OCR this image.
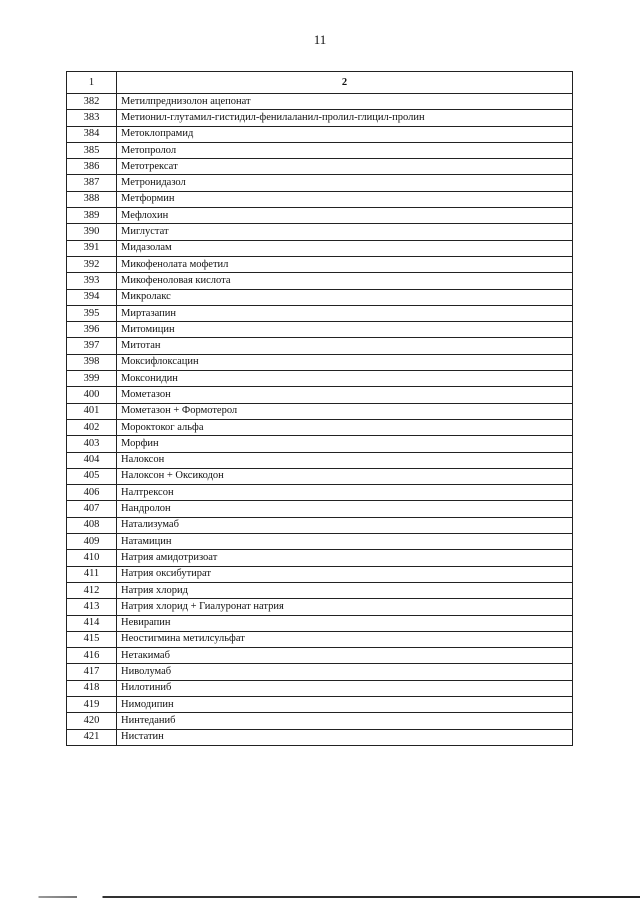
11
1	2
382	Метилпреднизолон ацепонат
383	Метионил-глутамил-гистидил-фенилаланил-пролил-глицил-пролин
384	Метоклопрамид
385	Метопролол
386	Метотрексат
387	Метронидазол
388	Метформин
389	Мефлохин
390	Миглустат
391	Мидазолам
392	Микофенолата мофетил
393	Микофеноловая кислота
394	Микролакс
395	Миртазапин
396	Митомицин
397	Митотан
398	Моксифлоксацин
399	Моксонидин
400	Мометазон
401	Мометазон + Формотерол
402	Мороктоког альфа
403	Морфин
404	Налоксон
405	Налоксон + Оксикодон
406	Налтрексон
407	Нандролон
408	Натализумаб
409	Натамицин
410	Натрия амидотризоат
411	Натрия оксибутират
412	Натрия хлорид
413	Натрия хлорид + Гиалуронат натрия
414	Невирапин
415	Неостигмина метилсульфат
416	Нетакимаб
417	Ниволумаб
418	Нилотиниб
419	Нимодипин
420	Нинтеданиб
421	Нистатин
